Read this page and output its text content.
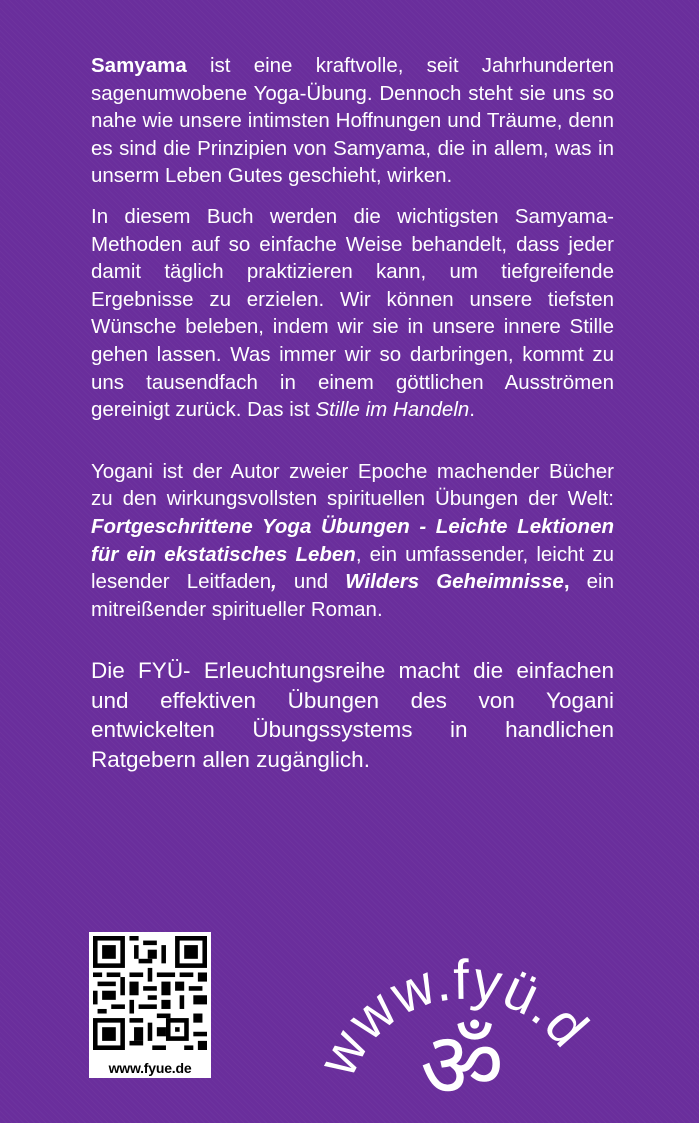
Samyama ist eine kraftvolle, seit Jahrhunderten sagenumwobene Yoga-Übung. Dennoch steht sie uns so nahe wie unsere intimsten Hoffnungen und Träume, denn es sind die Prinzipien von Samyama, die in allem, was in unserm Leben Gutes geschieht, wirken.

In diesem Buch werden die wichtigsten Samyama-Methoden auf so einfache Weise behandelt, dass jeder damit täglich praktizieren kann, um tiefgreifende Ergebnisse zu erzielen. Wir können unsere tiefsten Wünsche beleben, indem wir sie in unsere innere Stille gehen lassen. Was immer wir so darbringen, kommt zu uns tausendfach in einem göttlichen Ausströmen gereinigt zurück. Das ist Stille im Handeln.

Yogani ist der Autor zweier Epoche machender Bücher zu den wirkungsvollsten spirituellen Übungen der Welt: Fortgeschrittene Yoga Übungen - Leichte Lektionen für ein ekstatisches Leben, ein umfassender, leicht zu lesender Leitfaden, und Wilders Geheimnisse, ein mitreißender spiritueller Roman.

Die FYÜ- Erleuchtungsreihe macht die einfachen und effektiven Übungen des von Yogani entwickelten Übungssystems in handlichen Ratgebern allen zugänglich.

www.fyue.de	www.fyü.d
ॐ
